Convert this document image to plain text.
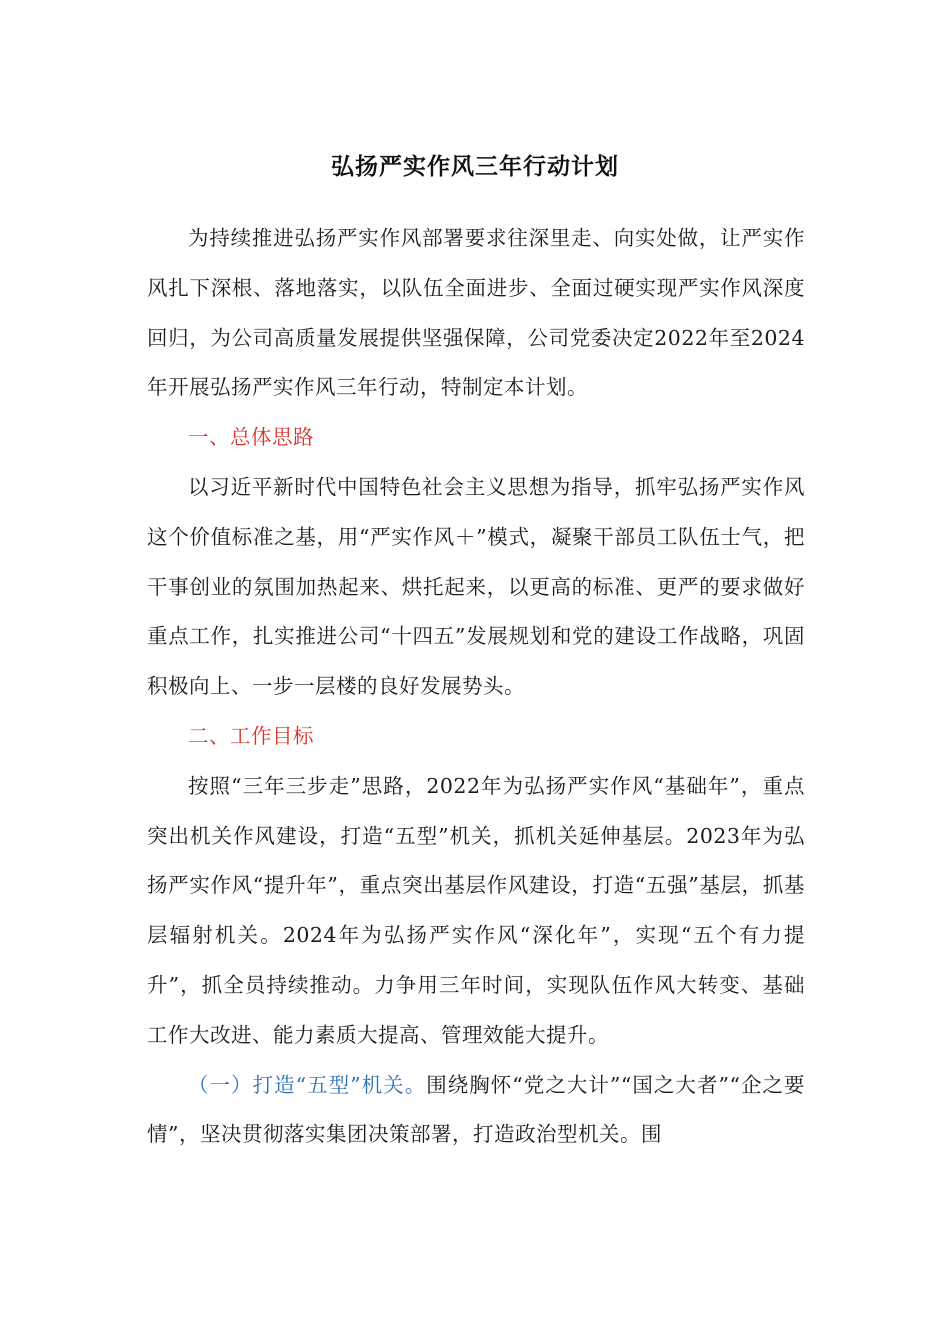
弘扬严实作风三年行动计划

为持续推进弘扬严实作风部署要求往深里走、向实处做，让严实作风扎下深根、落地落实，以队伍全面进步、全面过硬实现严实作风深度回归，为公司高质量发展提供坚强保障，公司党委决定2022年至2024年开展弘扬严实作风三年行动，特制定本计划。

一、总体思路

以习近平新时代中国特色社会主义思想为指导，抓牢弘扬严实作风这个价值标准之基，用“严实作风＋”模式，凝聚干部员工队伍士气，把干事创业的氛围加热起来、烘托起来，以更高的标准、更严的要求做好重点工作，扎实推进公司“十四五”发展规划和党的建设工作战略，巩固积极向上、一步一层楼的良好发展势头。

二、工作目标

按照“三年三步走”思路，2022年为弘扬严实作风“基础年”，重点突出机关作风建设，打造“五型”机关，抓机关延伸基层。2023年为弘扬严实作风“提升年”，重点突出基层作风建设，打造“五强”基层，抓基层辐射机关。2024年为弘扬严实作风“深化年”，实现“五个有力提升”，抓全员持续推动。力争用三年时间，实现队伍作风大转变、基础工作大改进、能力素质大提高、管理效能大提升。

（一）打造“五型”机关。围绕胸怀“党之大计”“国之大者”“企之要情”，坚决贯彻落实集团决策部署，打造政治型机关。围
